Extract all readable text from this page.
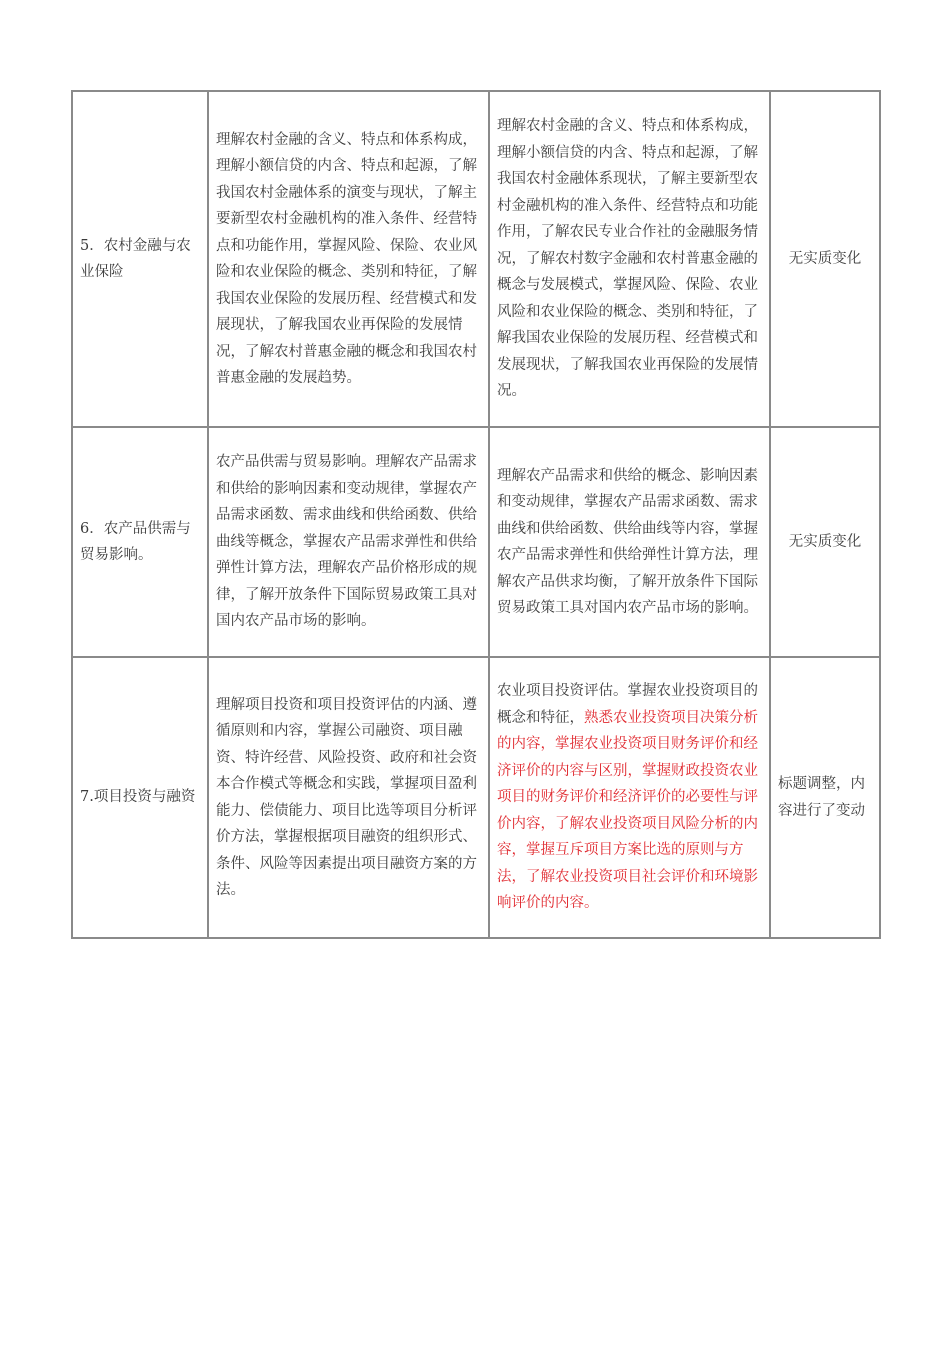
5．农村金融与农业保险	理解农村金融的含义、特点和体系构成，理解小额信贷的内含、特点和起源，了解我国农村金融体系的演变与现状，了解主要新型农村金融机构的准入条件、经营特点和功能作用，掌握风险、保险、农业风险和农业保险的概念、类别和特征，了解我国农业保险的发展历程、经营模式和发展现状，了解我国农业再保险的发展情况，了解农村普惠金融的概念和我国农村普惠金融的发展趋势。	理解农村金融的含义、特点和体系构成，理解小额信贷的内含、特点和起源，了解我国农村金融体系现状，了解主要新型农村金融机构的准入条件、经营特点和功能作用，了解农民专业合作社的金融服务情况，了解农村数字金融和农村普惠金融的概念与发展模式，掌握风险、保险、农业风险和农业保险的概念、类别和特征，了解我国农业保险的发展历程、经营模式和发展现状，了解我国农业再保险的发展情况。	无实质变化
6．农产品供需与贸易影响。	农产品供需与贸易影响。理解农产品需求和供给的影响因素和变动规律，掌握农产品需求函数、需求曲线和供给函数、供给曲线等概念，掌握农产品需求弹性和供给弹性计算方法，理解农产品价格形成的规律，了解开放条件下国际贸易政策工具对国内农产品市场的影响。	理解农产品需求和供给的概念、影响因素和变动规律，掌握农产品需求函数、需求曲线和供给函数、供给曲线等内容，掌握农产品需求弹性和供给弹性计算方法，理解农产品供求均衡，了解开放条件下国际贸易政策工具对国内农产品市场的影响。	无实质变化
7.项目投资与融资	理解项目投资和项目投资评估的内涵、遵循原则和内容，掌握公司融资、项目融资、特许经营、风险投资、政府和社会资本合作模式等概念和实践，掌握项目盈利能力、偿债能力、项目比选等项目分析评价方法，掌握根据项目融资的组织形式、条件、风险等因素提出项目融资方案的方法。	农业项目投资评估。掌握农业投资项目的概念和特征，熟悉农业投资项目决策分析的内容，掌握农业投资项目财务评价和经济评价的内容与区别，掌握财政投资农业项目的财务评价和经济评价的必要性与评价内容，了解农业投资项目风险分析的内容，掌握互斥项目方案比选的原则与方法，了解农业投资项目社会评价和环境影响评价的内容。	标题调整，内容进行了变动
